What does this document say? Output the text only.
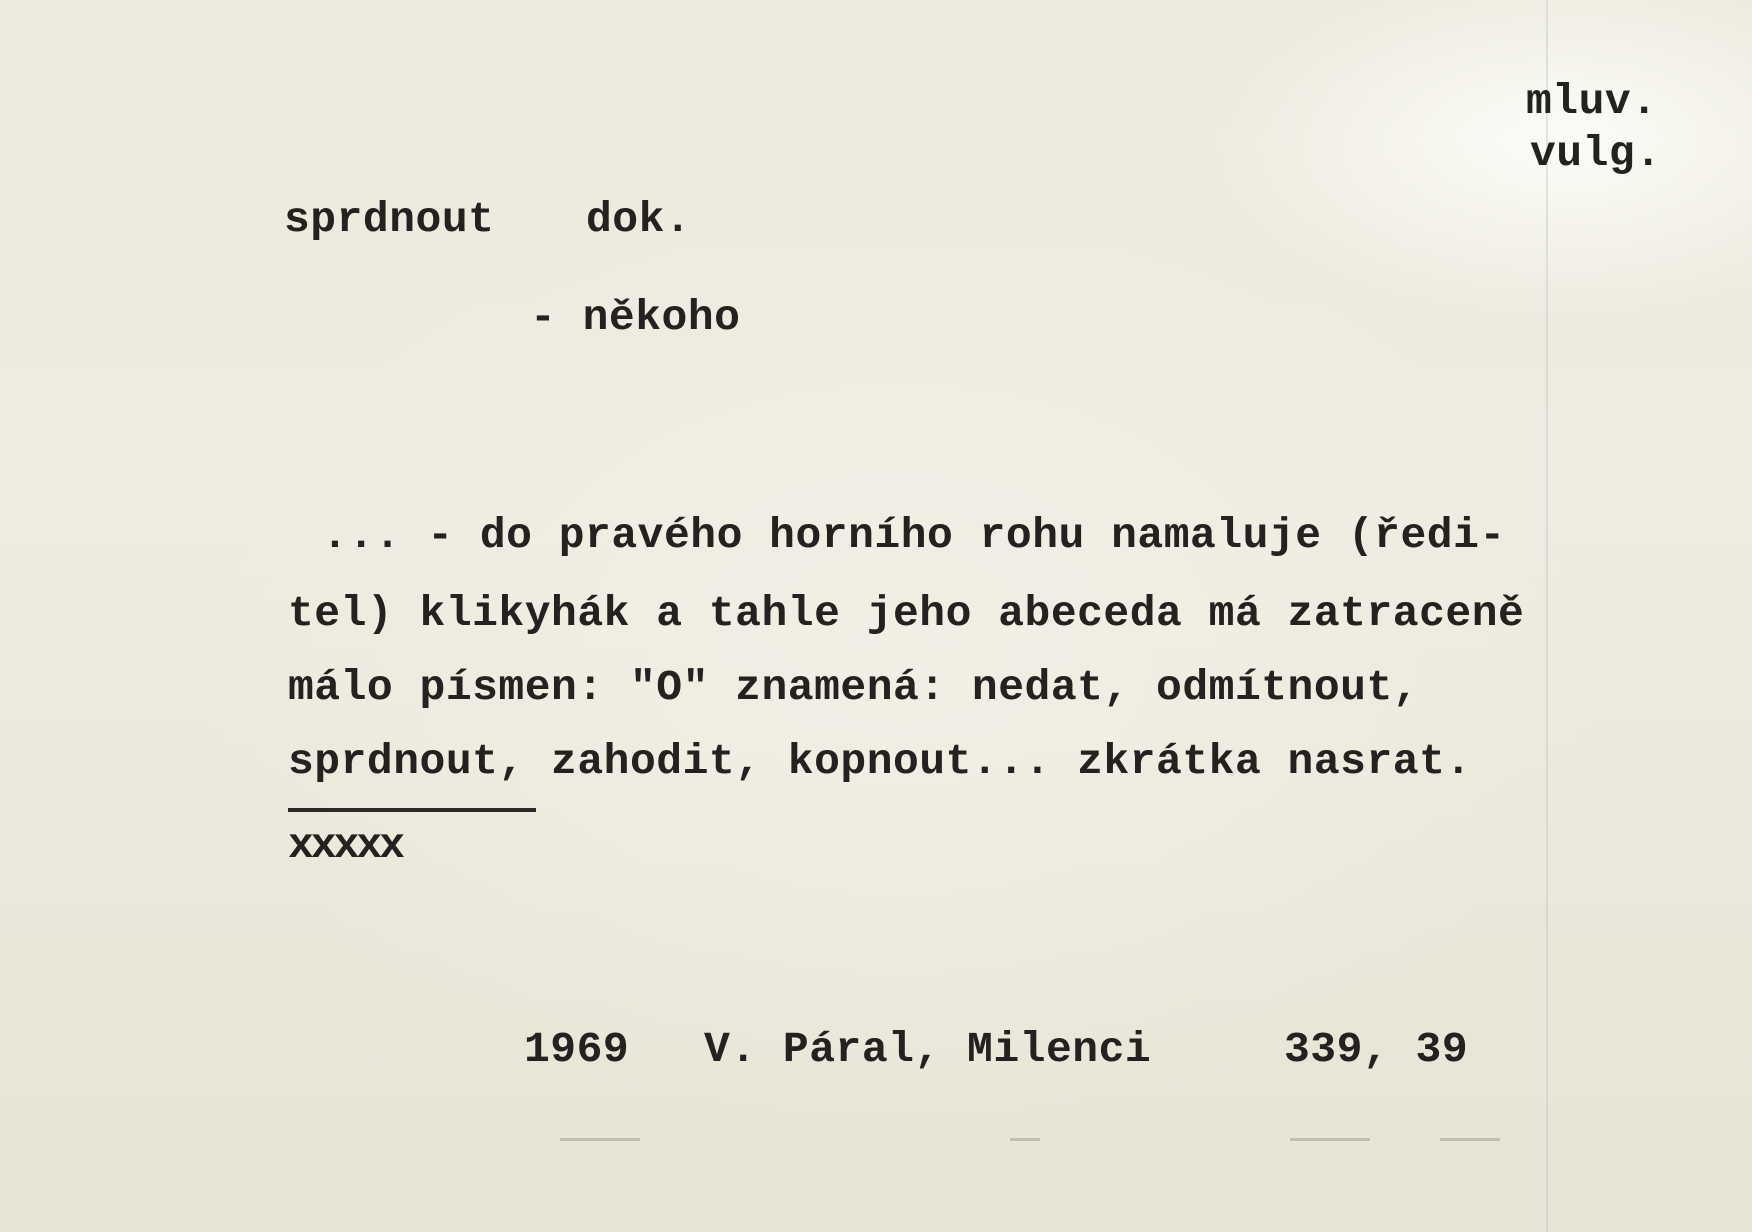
mluv.
vulg.
sprdnout dok.
- někoho
... - do pravého horního rohu namaluje (ředi-
tel) klikyhák a tahle jeho abeceda má zatraceně
málo písmen: "O" znamená: nedat, odmítnout,
sprdnout, zahodit, kopnout... zkrátka nasrat.
xxxxx
1969 V. Páral, Milenci	339, 39
